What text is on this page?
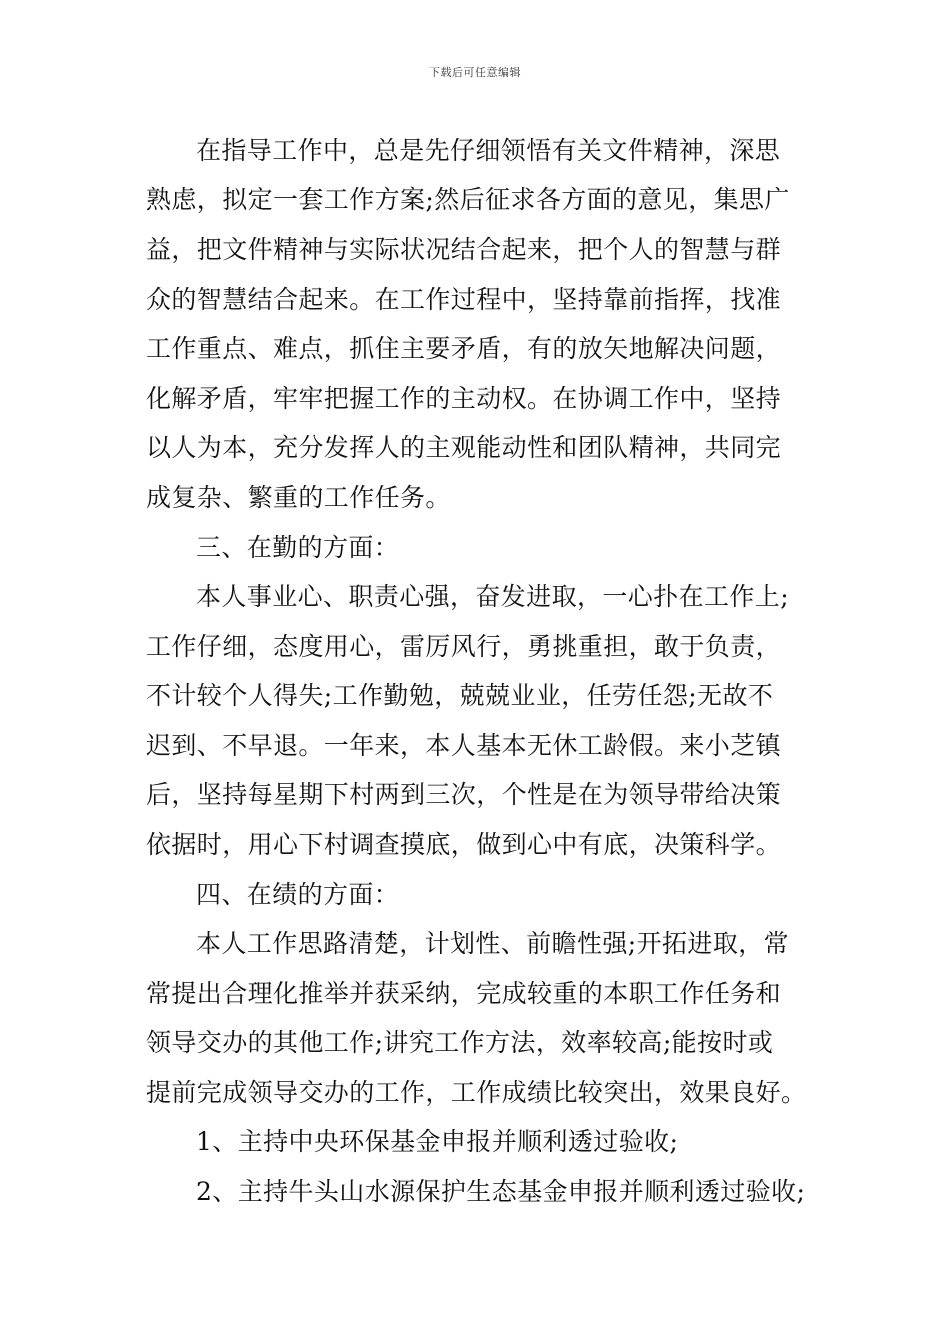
下载后可任意编辑
在指导工作中，总是先仔细领悟有关文件精神，深思
熟虑，拟定一套工作方案;然后征求各方面的意见，集思广
益，把文件精神与实际状况结合起来，把个人的智慧与群
众的智慧结合起来。在工作过程中，坚持靠前指挥，找准
工作重点、难点，抓住主要矛盾，有的放矢地解决问题，
化解矛盾，牢牢把握工作的主动权。在协调工作中，坚持
以人为本，充分发挥人的主观能动性和团队精神，共同完
成复杂、繁重的工作任务。
三、在勤的方面：
本人事业心、职责心强，奋发进取，一心扑在工作上;
工作仔细，态度用心，雷厉风行，勇挑重担，敢于负责，
不计较个人得失;工作勤勉，兢兢业业，任劳任怨;无故不
迟到、不早退。一年来，本人基本无休工龄假。来小芝镇
后，坚持每星期下村两到三次，个性是在为领导带给决策
依据时，用心下村调查摸底，做到心中有底，决策科学。
四、在绩的方面：
本人工作思路清楚，计划性、前瞻性强;开拓进取，常
常提出合理化推举并获采纳，完成较重的本职工作任务和
领导交办的其他工作;讲究工作方法，效率较高;能按时或
提前完成领导交办的工作，工作成绩比较突出，效果良好。
1、主持中央环保基金申报并顺利透过验收;
2、主持牛头山水源保护生态基金申报并顺利透过验收;
